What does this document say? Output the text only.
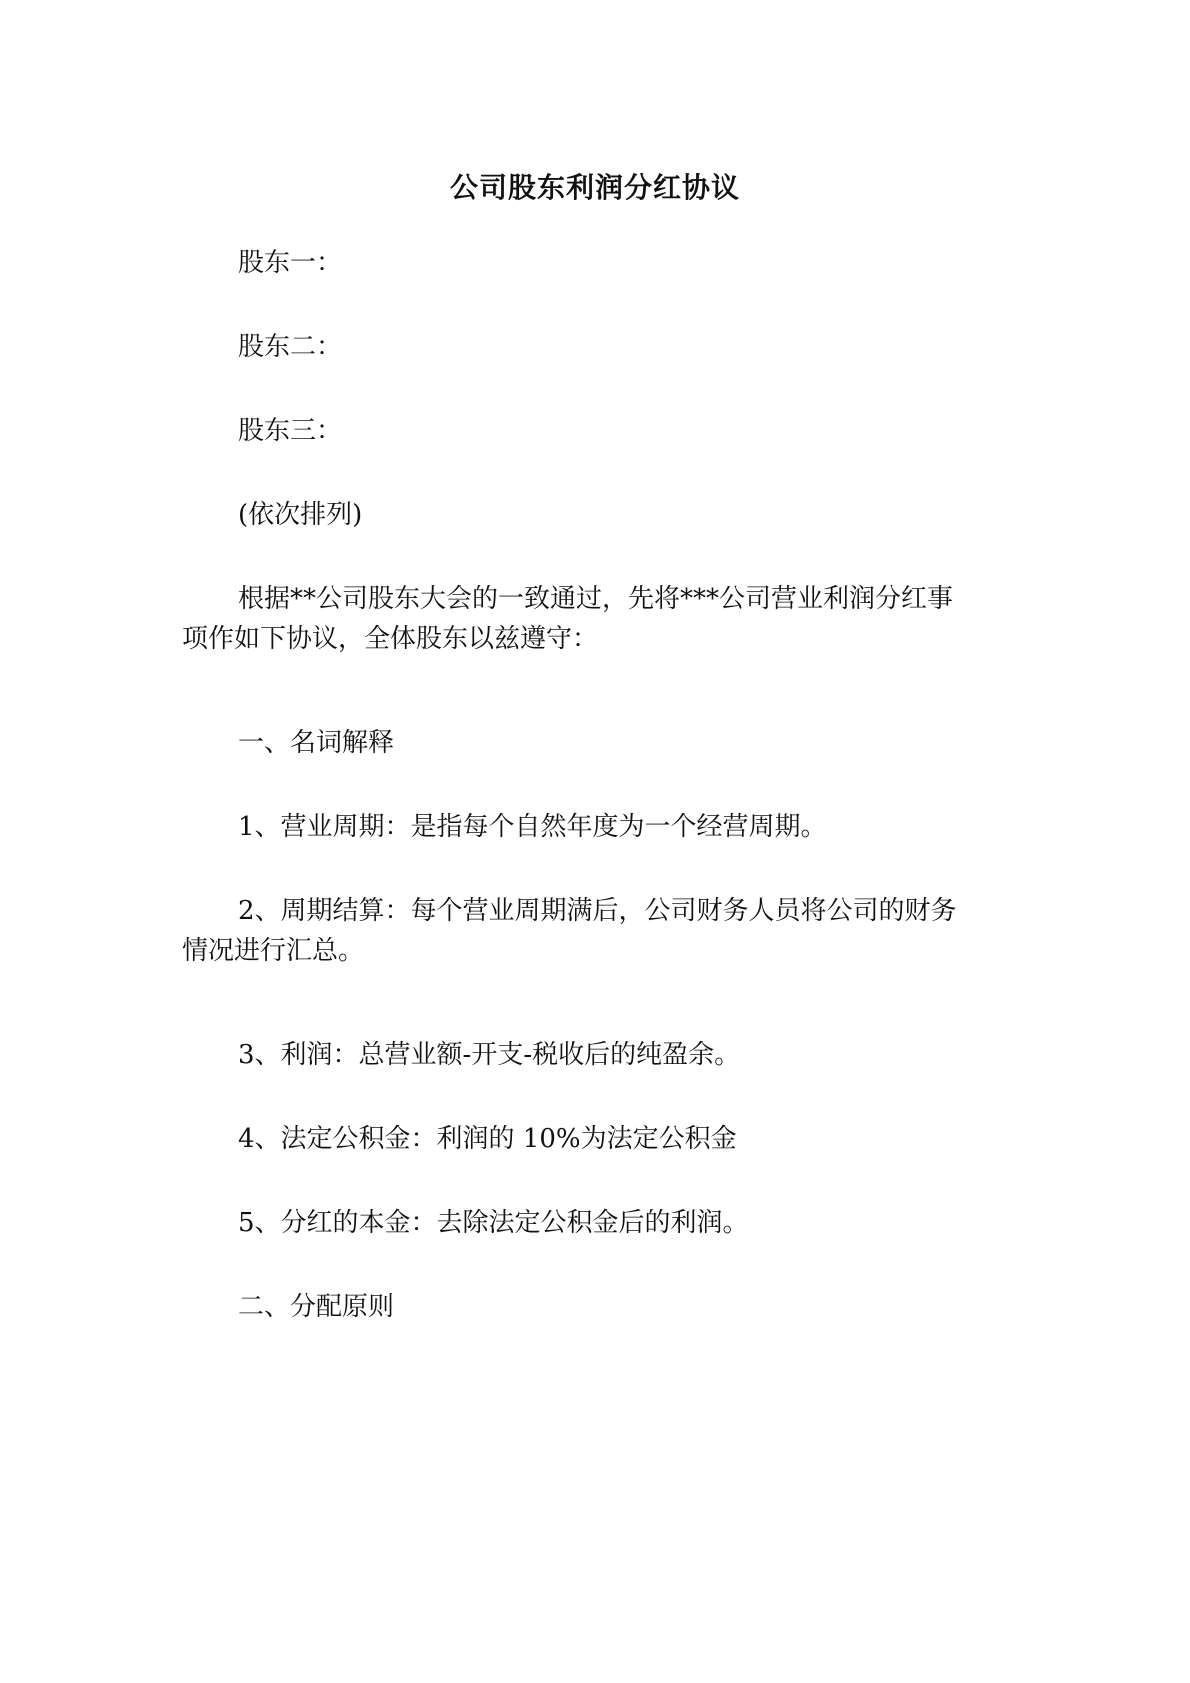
公司股东利润分红协议
股东一：
股东二：
股东三：
(依次排列)
根据**公司股东大会的一致通过，先将***公司营业利润分红事
项作如下协议，全体股东以兹遵守：
一、名词解释
1、营业周期：是指每个自然年度为一个经营周期。
2、周期结算：每个营业周期满后，公司财务人员将公司的财务
情况进行汇总。
3、利润：总营业额-开支-税收后的纯盈余。
4、法定公积金：利润的 10%为法定公积金
5、分红的本金：去除法定公积金后的利润。
二、分配原则
